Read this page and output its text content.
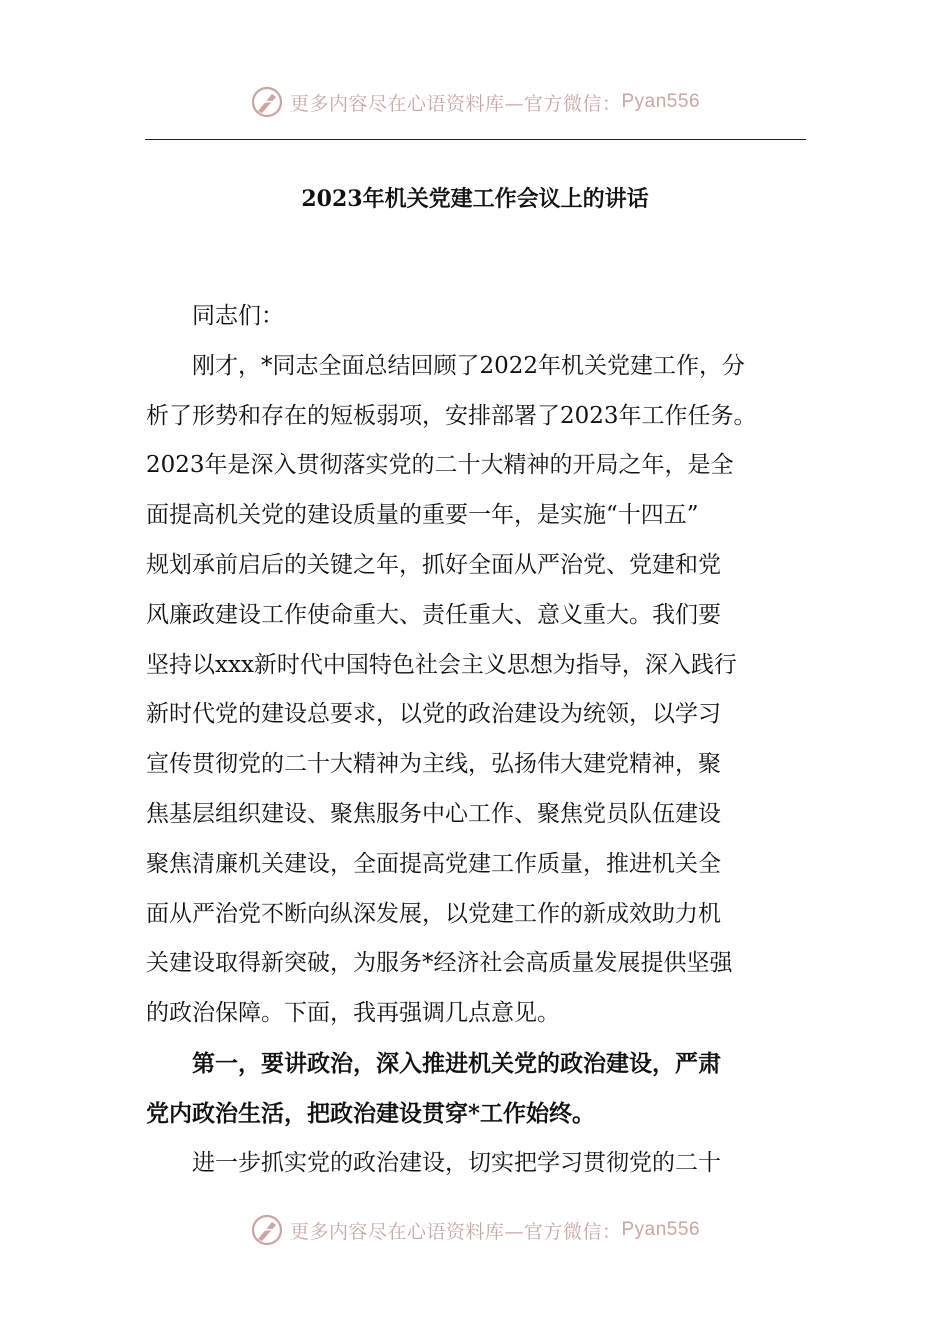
更多内容尽在心语资料库—官方微信： Pyan556
2023年机关党建工作会议上的讲话

同志们：

刚才，*同志全面总结回顾了2022年机关党建工作，分
析了形势和存在的短板弱项，安排部署了2023年工作任务。
2023年是深入贯彻落实党的二十大精神的开局之年，是全
面提高机关党的建设质量的重要一年，是实施“十四五”
规划承前启后的关键之年，抓好全面从严治党、党建和党
风廉政建设工作使命重大、责任重大、意义重大。我们要
坚持以xxx新时代中国特色社会主义思想为指导，深入践行
新时代党的建设总要求，以党的政治建设为统领，以学习
宣传贯彻党的二十大精神为主线，弘扬伟大建党精神，聚
焦基层组织建设、聚焦服务中心工作、聚焦党员队伍建设
聚焦清廉机关建设，全面提高党建工作质量，推进机关全
面从严治党不断向纵深发展，以党建工作的新成效助力机
关建设取得新突破，为服务*经济社会高质量发展提供坚强
的政治保障。下面，我再强调几点意见。

第一，要讲政治，深入推进机关党的政治建设，严肃
党内政治生活，把政治建设贯穿*工作始终。

进一步抓实党的政治建设，切实把学习贯彻党的二十

更多内容尽在心语资料库—官方微信： Pyan556
